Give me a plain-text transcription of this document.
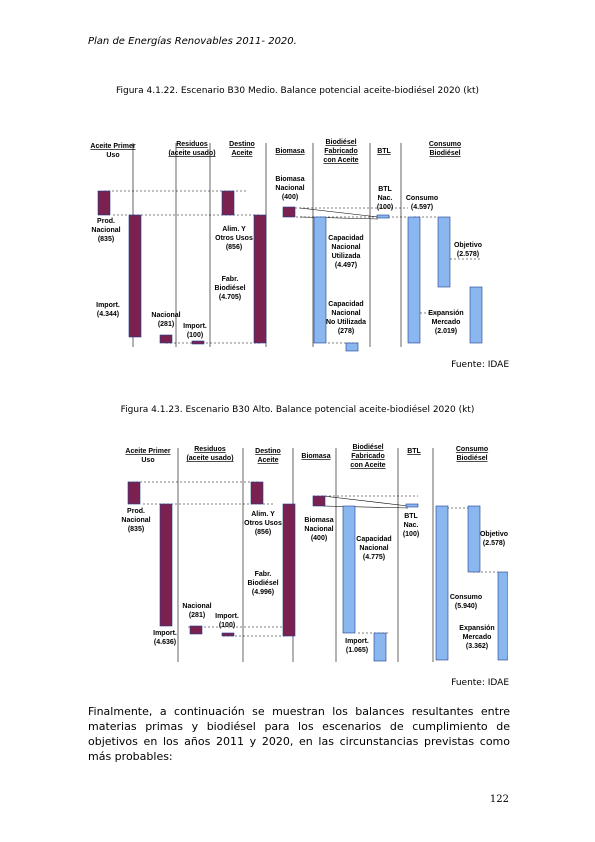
Plan de Energías Renovables 2011- 2020.
Figura 4.1.22. Escenario B30 Medio. Balance potencial aceite-biodiésel 2020 (kt)
Aceite Primer
Uso
Residuos
(aceite usado)
Destino
Aceite	Biomasa
Biodiésel
Fabricado
con Aceite
BTL
Consumo
Biodiésel
Prod.
Nacional
(835)
Import.
(4.344)	Nacional
(281) Import.
(100)
Alim. Y
Otros Usos
(856)
Fabr.
Biodiésel
(4.705)
Biomasa
Nacional
(400)
Capacidad
Nacional
Utilizada
(4.497)
Capacidad
Nacional
No Utilizada
(278)
BTL
Nac.
(100)
Consumo
(4.597)
Objetivo
(2.578)
Expansión
Mercado
(2.019)
Fuente: IDAE
Figura 4.1.23. Escenario B30 Alto. Balance potencial aceite-biodiésel 2020 (kt)
Aceite Primer
Uso
Residuos
(aceite usado)
Destino
Aceite
Biomasa
Biodiésel
Fabricado
con Aceite
BTL	Consumo
Biodiésel
Prod.
Nacional
(835)
Import.
(4.636)
Nacional
(281) Import.
(100)
Alim. Y
Otros Usos
(856)
Fabr.
Biodiésel
(4.996)
Biomasa
Nacional
(400)	Capacidad
Nacional
(4.775)
Import.
(1.065)
BTL
Nac.
(100)
Consumo
(5.940)
Objetivo
(2.578)
Expansión
Mercado
(3.362)
Fuente: IDAE
Finalmente, a continuación se muestran los balances resultantes entre materias primas y biodiésel para los escenarios de cumplimiento de objetivos en los años 2011 y 2020, en las circunstancias previstas como más probables:
122
